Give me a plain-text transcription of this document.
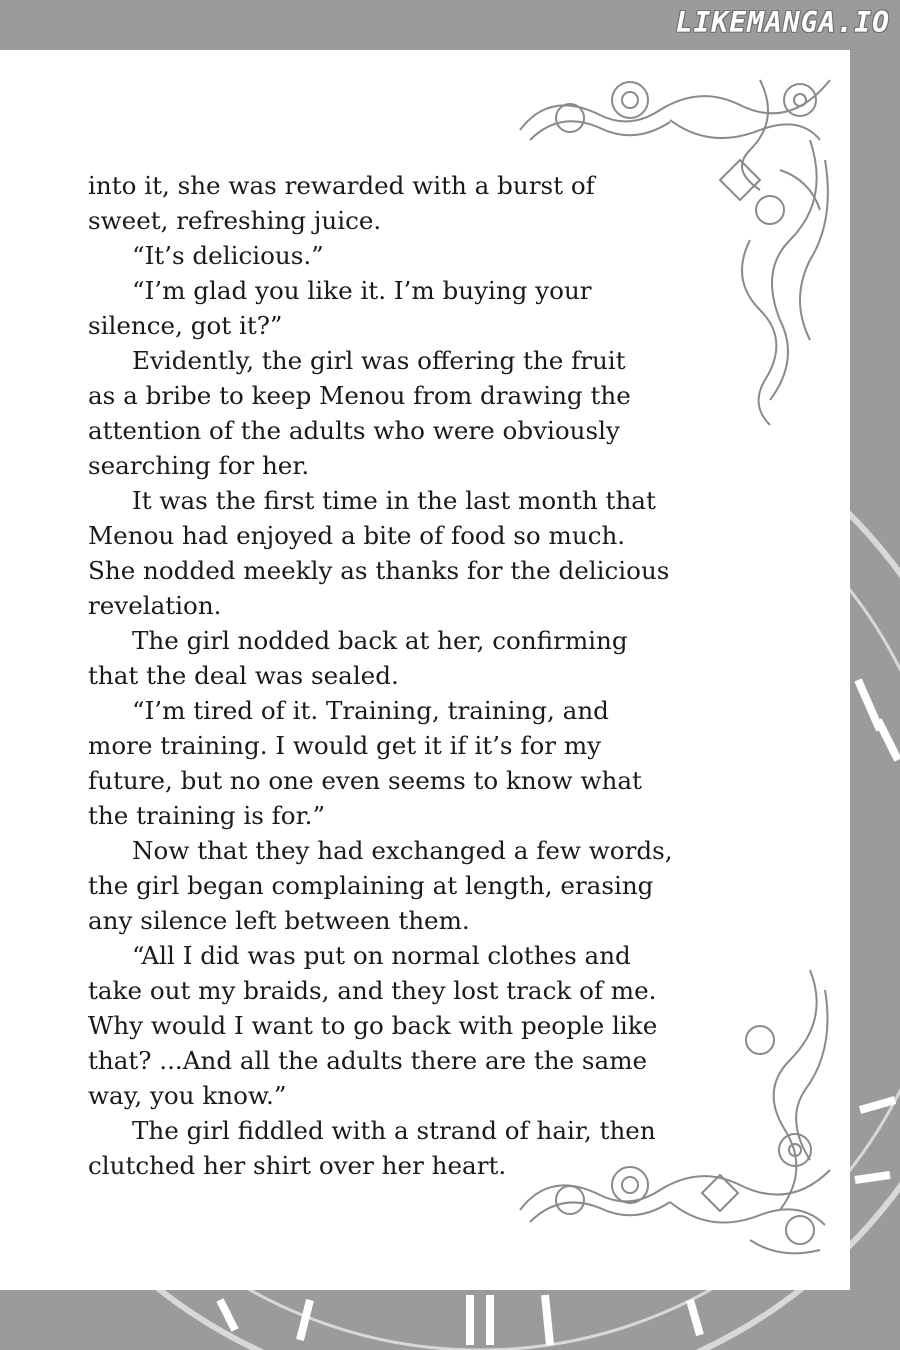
LIKEMANGA.IO
into it, she was rewarded with a burst of
sweet, refreshing juice.
“It’s delicious.”
“I’m glad you like it. I’m buying your
silence, got it?”
Evidently, the girl was offering the fruit
as a bribe to keep Menou from drawing the
attention of the adults who were obviously
searching for her.
It was the first time in the last month that
Menou had enjoyed a bite of food so much.
She nodded meekly as thanks for the delicious
revelation.
The girl nodded back at her, confirming
that the deal was sealed.
“I’m tired of it. Training, training, and
more training. I would get it if it’s for my
future, but no one even seems to know what
the training is for.”
Now that they had exchanged a few words,
the girl began complaining at length, erasing
any silence left between them.
“All I did was put on normal clothes and
take out my braids, and they lost track of me.
Why would I want to go back with people like
that? ...And all the adults there are the same
way, you know.”
The girl fiddled with a strand of hair, then
clutched her shirt over her heart.
